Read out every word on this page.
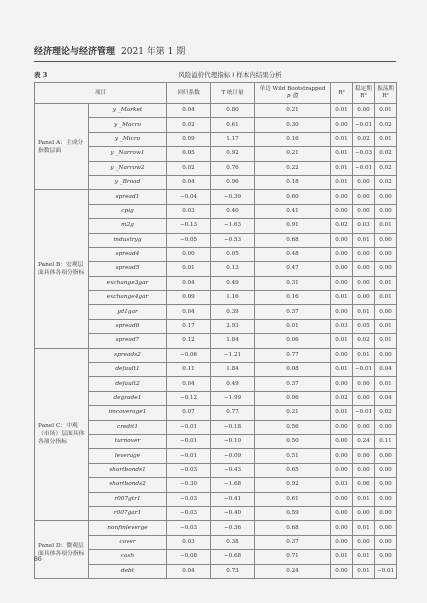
经济理论与经济管理 2021 年第 1 期
表 3	风险溢价代理指标 I 样本内结果分析
项目		回归系数	T 统计量	单边 Wild Bootstrapped
p 值	R²	稳定期 R²	振荡期 R²
Panel A：主成分指数层面	y _Market	0.04	0.80	0.21	0.01	0.00	0.01
	y _Macro	0.02	0.61	0.30	0.00	−0.01	0.02
	y _Micro	0.09	1.17	0.16	0.01	0.02	0.01
	y _Narrow1	0.05	0.92	0.21	0.01	−0.03	0.02
	y _Narrow2	0.02	0.76	0.22	0.01	−0.01	0.02
	y _Broad	0.04	0.96	0.18	0.01	0.00	0.02
Panel B：宏观层面具体各项分指标	spread1	−0.04	−0.39	0.60	0.00	0.00	0.00
	cpig	0.03	0.40	0.41	0.00	0.00	0.00
	m2g	−0.13	−1.63	0.91	0.02	0.03	0.01
	industryg	−0.05	−0.53	0.68	0.00	0.01	0.00
	spread4	0.00	0.05	0.48	0.00	0.00	0.00
	spread5	0.01	0.13	0.47	0.00	0.00	0.00
	exchange3gar	0.04	0.49	0.31	0.00	0.00	0.01
	exchange4gar	0.09	1.16	0.16	0.01	0.00	0.01
	yd1gar	0.04	0.39	0.37	0.00	0.01	0.00
	spread6	0.17	2.93	0.01	0.03	0.05	0.01
	spread7	0.12	1.84	0.06	0.01	0.02	0.01
Panel C：中观（市场）层面具体各项分指标	spreads2	−0.06	−1.21	0.77	0.00	0.01	0.00
	default1	0.11	1.84	0.08	0.01	−0.01	0.04
	default2	0.04	0.49	0.37	0.00	0.00	0.01
	degrade1	−0.12	−1.99	0.96	0.02	0.00	0.04
	imcoverage1	0.07	0.77	0.21	0.01	−0.01	0.02
	credit1	−0.01	−0.18	0.56	0.00	0.00	0.00
	turnover	−0.01	−0.10	0.50	0.00	0.24	0.11
	leverage	−0.01	−0.09	0.51	0.00	0.00	0.00
	shortbonds1	−0.03	−0.43	0.65	0.00	0.00	0.00
	shortbonds2	−0.30	−1.68	0.92	0.03	0.06	0.00
	r007gtr1	−0.03	−0.41	0.61	0.00	0.01	0.00
	r007gar1	−0.03	−0.40	0.59	0.00	0.00	0.00
Panel D：微观层面具体各项分指标	nonfinleverge	−0.03	−0.36	0.68	0.00	0.01	0.00
	cover	0.03	0.38	0.37	0.00	0.00	0.00
	cash	−0.08	−0.68	0.71	0.01	0.01	0.00
	debt	0.04	0.73	0.24	0.00	0.01	−0.01
86
